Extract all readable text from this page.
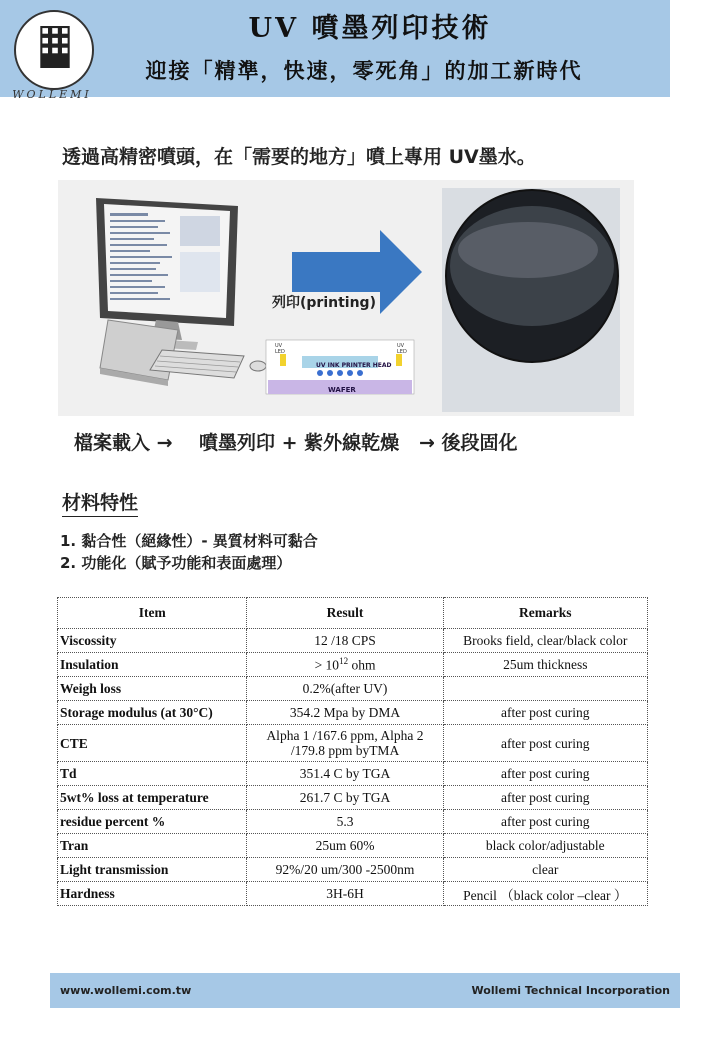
WOLLEMI
UV 噴墨列印技術
迎接「精準，快速，零死角」的加工新時代
透過高精密噴頭，在「需要的地方」噴上專用 UV墨水。
列印(printing)
UV
LED
UV
LED
UV INK PRINTER HEAD
WAFER
檔案載入 →    噴墨列印 + 紫外線乾燥   → 後段固化
材料特性
1. 黏合性（絕緣性）- 異質材料可黏合
2. 功能化（賦予功能和表面處理）
Item	Result	Remarks
Viscossity	12 /18 CPS	Brooks field, clear/black color
Insulation	> $10^{12}$ ohm	25um thickness
Weigh loss	0.2%(after UV)	
Storage modulus (at 30°C)	354.2 Mpa by DMA	after post curing
CTE	Alpha 1 /167.6 ppm, Alpha 2 /179.8 ppm byTMA	after post curing
Td	351.4 C by TGA	after post curing
5wt% loss at temperature	261.7 C by TGA	after post curing
residue percent %	5.3	after post curing
Tran	25um 60%	black color/adjustable
Light transmission	92%/20 um/300 -2500nm	clear
Hardness	3H-6H	Pencil （black color –clear ）
www.wollemi.com.tw	Wollemi Technical Incorporation
